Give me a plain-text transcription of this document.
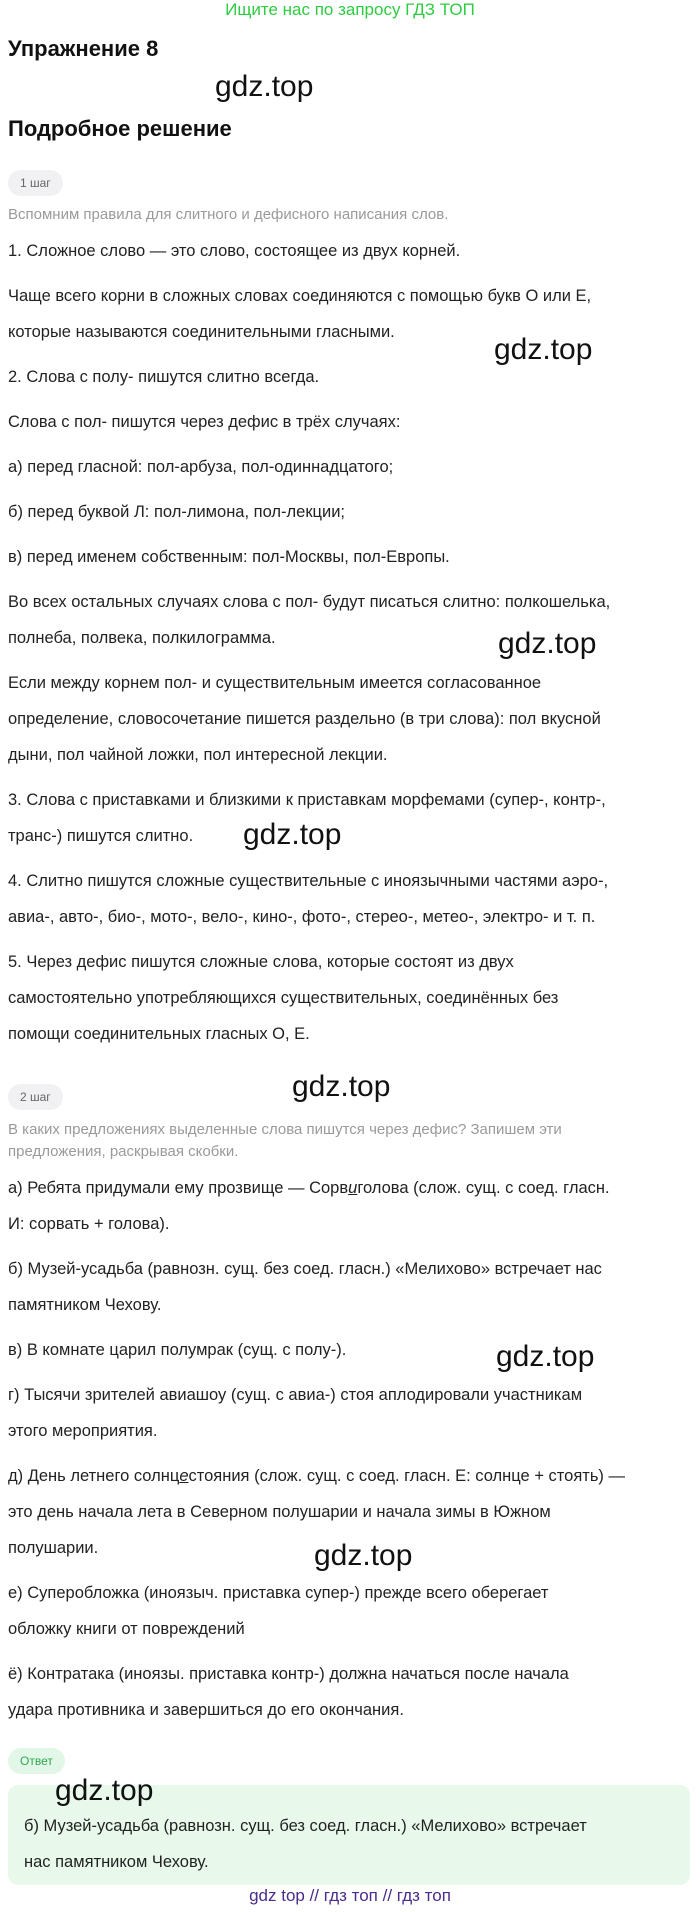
Ищите нас по запросу ГДЗ ТОП
Упражнение 8
gdz.top
Подробное решение
1 шаг
Вспомним правила для слитного и дефисного написания слов.
1. Сложное слово — это слово, состоящее из двух корней.
Чаще всего корни в сложных словах соединяются с помощью букв О или Е,
которые называются соединительными гласными.
gdz.top
2. Слова с полу- пишутся слитно всегда.
Слова с пол- пишутся через дефис в трёх случаях:
а) перед гласной: пол-арбуза, пол-одиннадцатого;
б) перед буквой Л: пол-лимона, пол-лекции;
в) перед именем собственным: пол-Москвы, пол-Европы.
Во всех остальных случаях слова с пол- будут писаться слитно: полкошелька,
полнеба, полвека, полкилограмма.	gdz.top
Если между корнем пол- и существительным имеется согласованное
определение, словосочетание пишется раздельно (в три слова): пол вкусной
дыни, пол чайной ложки, пол интересной лекции.
3. Слова с приставками и близкими к приставкам морфемами (супер-, контр-,
транс-) пишутся слитно. gdz.top
4. Слитно пишутся сложные существительные с иноязычными частями аэро-,
авиа-, авто-, био-, мото-, вело-, кино-, фото-, стерео-, метео-, электро- и т. п.
5. Через дефис пишутся сложные слова, которые состоят из двух
самостоятельно употребляющихся существительных, соединённых без
помощи соединительных гласных О, Е.
2 шаг	gdz.top
В каких предложениях выделенные слова пишутся через дефис? Запишем эти
предложения, раскрывая скобки.
а) Ребята придумали ему прозвище — Сорвиголова (слож. сущ. с соед. гласн.
И: сорвать + голова).
б) Музей-усадьба (равнозн. сущ. без соед. гласн.) «Мелихово» встречает нас
памятником Чехову.
в) В комнате царил полумрак (сущ. с полу-).	gdz.top
г) Тысячи зрителей авиашоу (сущ. с авиа-) стоя аплодировали участникам
этого мероприятия.
д) День летнего солнцестояния (слож. сущ. с соед. гласн. Е: солнце + стоять) —
это день начала лета в Северном полушарии и начала зимы в Южном
полушарии.	gdz.top
е) Суперобложка (иноязыч. приставка супер-) прежде всего оберегает
обложку книги от повреждений
ё) Контратака (иноязы. приставка контр-) должна начаться после начала
удара противника и завершиться до его окончания.
Ответ
б) Музей-усадьба (равнозн. сущ. без соед. гласн.) «Мелихово» встречает
нас памятником Чехову.
gdz.top
gdz top // гдз топ // гдз топ
